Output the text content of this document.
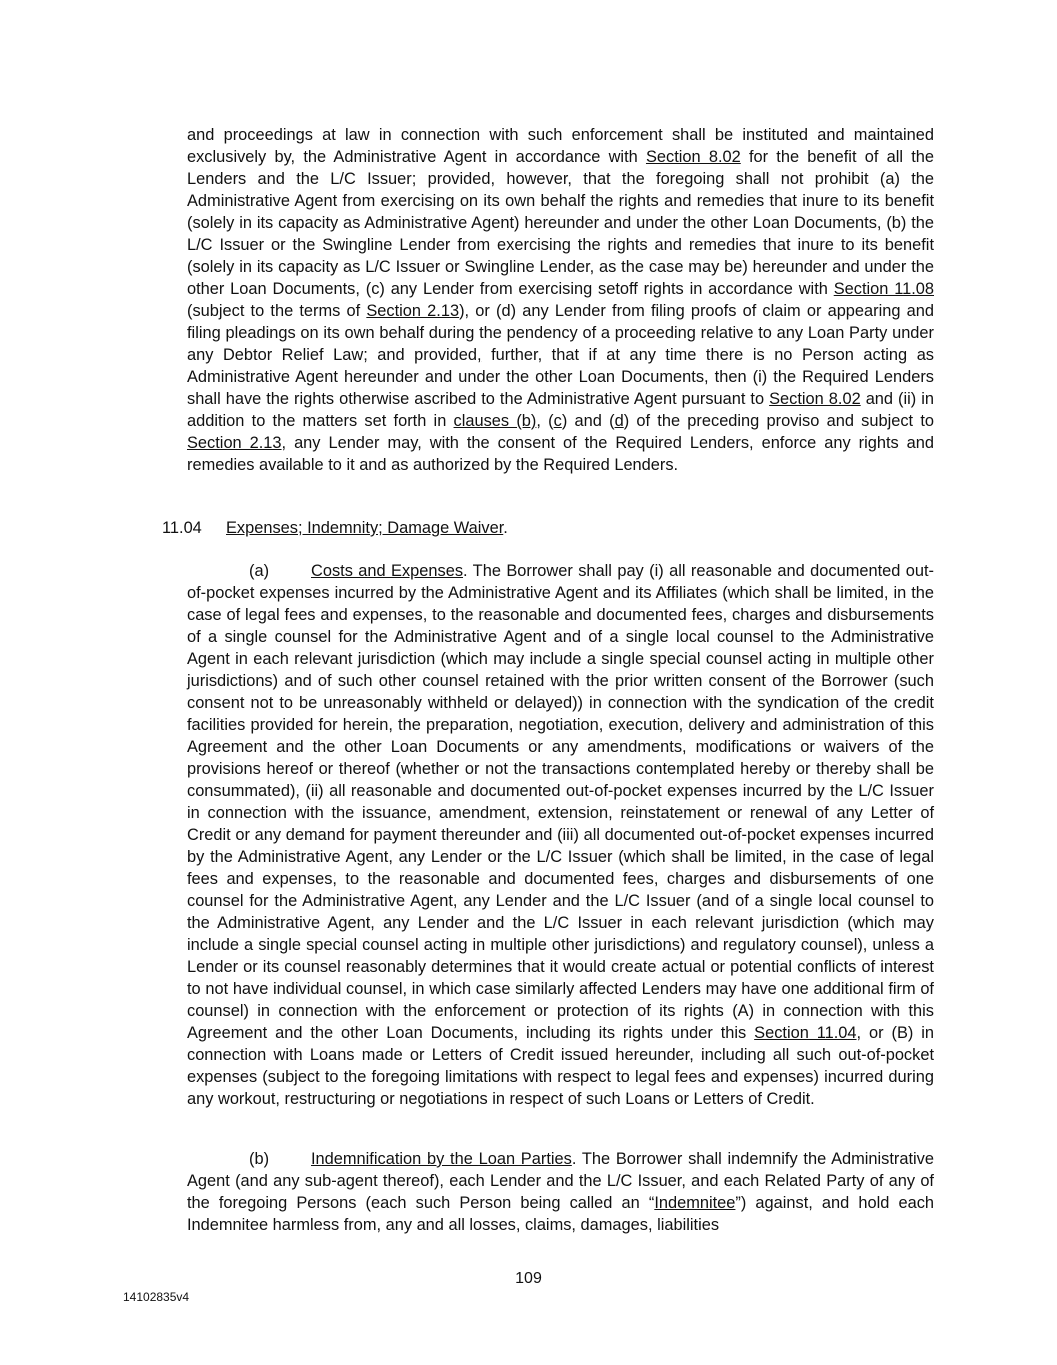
and proceedings at law in connection with such enforcement shall be instituted and maintained exclusively by, the Administrative Agent in accordance with Section 8.02 for the benefit of all the Lenders and the L/C Issuer; provided, however, that the foregoing shall not prohibit (a) the Administrative Agent from exercising on its own behalf the rights and remedies that inure to its benefit (solely in its capacity as Administrative Agent) hereunder and under the other Loan Documents, (b) the L/C Issuer or the Swingline Lender from exercising the rights and remedies that inure to its benefit (solely in its capacity as L/C Issuer or Swingline Lender, as the case may be) hereunder and under the other Loan Documents, (c) any Lender from exercising setoff rights in accordance with Section 11.08 (subject to the terms of Section 2.13), or (d) any Lender from filing proofs of claim or appearing and filing pleadings on its own behalf during the pendency of a proceeding relative to any Loan Party under any Debtor Relief Law; and provided, further, that if at any time there is no Person acting as Administrative Agent hereunder and under the other Loan Documents, then (i) the Required Lenders shall have the rights otherwise ascribed to the Administrative Agent pursuant to Section 8.02 and (ii) in addition to the matters set forth in clauses (b), (c) and (d) of the preceding proviso and subject to Section 2.13, any Lender may, with the consent of the Required Lenders, enforce any rights and remedies available to it and as authorized by the Required Lenders.

11.04 Expenses; Indemnity; Damage Waiver.

(a)	Costs and Expenses. The Borrower shall pay (i) all reasonable and documented out-of-pocket expenses incurred by the Administrative Agent and its Affiliates (which shall be limited, in the case of legal fees and expenses, to the reasonable and documented fees, charges and disbursements of a single counsel for the Administrative Agent and of a single local counsel to the Administrative Agent in each relevant jurisdiction (which may include a single special counsel acting in multiple other jurisdictions) and of such other counsel retained with the prior written consent of the Borrower (such consent not to be unreasonably withheld or delayed)) in connection with the syndication of the credit facilities provided for herein, the preparation, negotiation, execution, delivery and administration of this Agreement and the other Loan Documents or any amendments, modifications or waivers of the provisions hereof or thereof (whether or not the transactions contemplated hereby or thereby shall be consummated), (ii) all reasonable and documented out-of-pocket expenses incurred by the L/C Issuer in connection with the issuance, amendment, extension, reinstatement or renewal of any Letter of Credit or any demand for payment thereunder and (iii) all documented out-of-pocket expenses incurred by the Administrative Agent, any Lender or the L/C Issuer (which shall be limited, in the case of legal fees and expenses, to the reasonable and documented fees, charges and disbursements of one counsel for the Administrative Agent, any Lender and the L/C Issuer (and of a single local counsel to the Administrative Agent, any Lender and the L/C Issuer in each relevant jurisdiction (which may include a single special counsel acting in multiple other jurisdictions) and regulatory counsel), unless a Lender or its counsel reasonably determines that it would create actual or potential conflicts of interest to not have individual counsel, in which case similarly affected Lenders may have one additional firm of counsel) in connection with the enforcement or protection of its rights (A) in connection with this Agreement and the other Loan Documents, including its rights under this Section 11.04, or (B) in connection with Loans made or Letters of Credit issued hereunder, including all such out-of-pocket expenses (subject to the foregoing limitations with respect to legal fees and expenses) incurred during any workout, restructuring or negotiations in respect of such Loans or Letters of Credit.

(b)	Indemnification by the Loan Parties. The Borrower shall indemnify the Administrative Agent (and any sub-agent thereof), each Lender and the L/C Issuer, and each Related Party of any of the foregoing Persons (each such Person being called an “Indemnitee”) against, and hold each Indemnitee harmless from, any and all losses, claims, damages, liabilities

109

14102835v4
